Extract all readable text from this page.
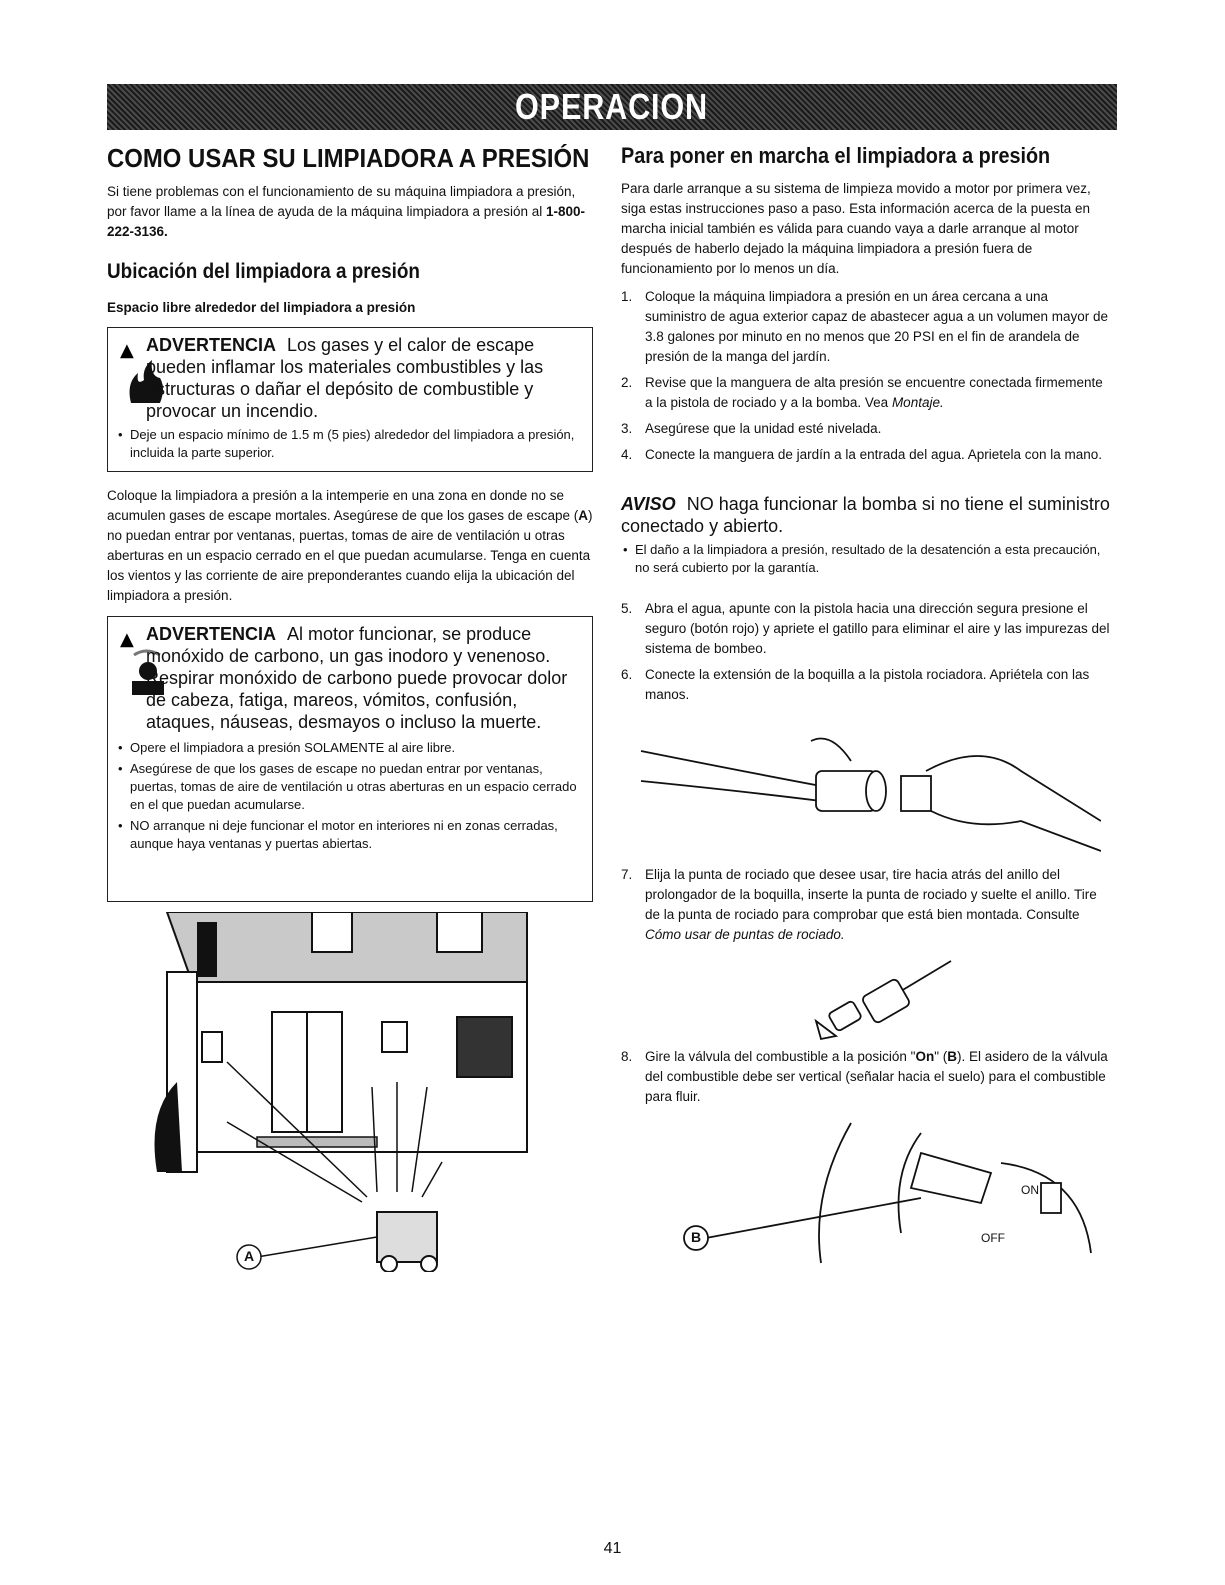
OPERACION
COMO USAR SU LIMPIADORA A PRESIÓN

Si tiene problemas con el funcionamiento de su máquina limpiadora a presión, por favor llame a la línea de ayuda de la máquina limpiadora a presión al 1-800-222-3136.

Ubicación del limpiadora a presión
Espacio libre alrededor del limpiadora a presión
▲ ADVERTENCIA Los gases y el calor de escape pueden inflamar los materiales combustibles y las estructuras o dañar el depósito de combustible y provocar un incendio.
• Deje un espacio mínimo de 1.5 m (5 pies) alrededor del limpiadora a presión, incluida la parte superior.

Coloque la limpiadora a presión a la intemperie en una zona en donde no se acumulen gases de escape mortales. Asegúrese de que los gases de escape (A) no puedan entrar por ventanas, puertas, tomas de aire de ventilación u otras aberturas en un espacio cerrado en el que puedan acumularse. Tenga en cuenta los vientos y las corriente de aire preponderantes cuando elija la ubicación del limpiadora a presión.

▲ ADVERTENCIA Al motor funcionar, se produce monóxido de carbono, un gas inodoro y venenoso. Respirar monóxido de carbono puede provocar dolor de cabeza, fatiga, mareos, vómitos, confusión, ataques, náuseas, desmayos o incluso la muerte.
• Opere el limpiadora a presión SOLAMENTE al aire libre.
• Asegúrese de que los gases de escape no puedan entrar por ventanas, puertas, tomas de aire de ventilación u otras aberturas en un espacio cerrado en el que puedan acumularse.
• NO arranque ni deje funcionar el motor en interiores ni en zonas cerradas, aunque haya ventanas y puertas abiertas.
A
Para poner en marcha el limpiadora a presión

Para darle arranque a su sistema de limpieza movido a motor por primera vez, siga estas instrucciones paso a paso. Esta información acerca de la puesta en marcha inicial también es válida para cuando vaya a darle arranque al motor después de haberlo dejado la máquina limpiadora a presión fuera de funcionamiento por lo menos un día.

1. Coloque la máquina limpiadora a presión en un área cercana a una suministro de agua exterior capaz de abastecer agua a un volumen mayor de 3.8 galones por minuto en no menos que 20 PSI en el fin de arandela de presión de la manga del jardín.
2. Revise que la manguera de alta presión se encuentre conectada firmemente a la pistola de rociado y a la bomba. Vea Montaje.
3. Asegúrese que la unidad esté nivelada.
4. Conecte la manguera de jardín a la entrada del agua. Aprietela con la mano.
AVISO NO haga funcionar la bomba si no tiene el suministro conectado y abierto.
• El daño a la limpiadora a presión, resultado de la desatención a esta precaución, no será cubierto por la garantía.
5. Abra el agua, apunte con la pistola hacia una dirección segura presione el seguro (botón rojo) y apriete el gatillo para eliminar el aire y las impurezas del sistema de bombeo.
6. Conecte la extensión de la boquilla a la pistola rociadora. Apriétela con las manos.
7. Elija la punta de rociado que desee usar, tire hacia atrás del anillo del prolongador de la boquilla, inserte la punta de rociado y suelte el anillo. Tire de la punta de rociado para comprobar que está bien montada. Consulte Cómo usar de puntas de rociado.
8. Gire la válvula del combustible a la posición "On" (B). El asidero de la válvula del combustible debe ser vertical (señalar hacia el suelo) para el combustible para fluir.
B
ON
OFF
41
